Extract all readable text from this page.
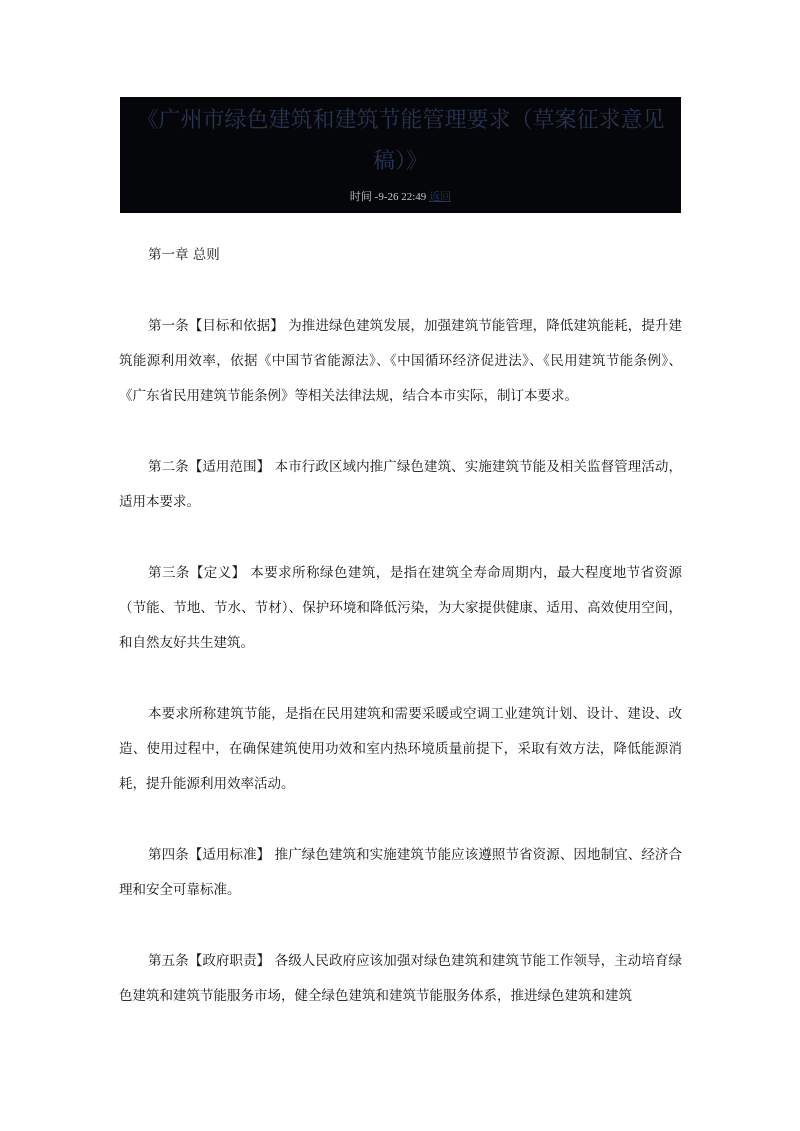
《广州市绿色建筑和建筑节能管理要求（草案征求意见稿）》
时间 -9-26 22:49 返回

第一章 总则

第一条【目标和依据】 为推进绿色建筑发展，加强建筑节能管理，降低建筑能耗，提升建筑能源利用效率，依据《中国节省能源法》、《中国循环经济促进法》、《民用建筑节能条例》、《广东省民用建筑节能条例》等相关法律法规，结合本市实际，制订本要求。

第二条【适用范围】 本市行政区域内推广绿色建筑、实施建筑节能及相关监督管理活动，适用本要求。

第三条【定义】 本要求所称绿色建筑，是指在建筑全寿命周期内，最大程度地节省资源（节能、节地、节水、节材）、保护环境和降低污染，为大家提供健康、适用、高效使用空间，和自然友好共生建筑。

本要求所称建筑节能，是指在民用建筑和需要采暖或空调工业建筑计划、设计、建设、改造、使用过程中，在确保建筑使用功效和室内热环境质量前提下，采取有效方法，降低能源消耗，提升能源利用效率活动。

第四条【适用标准】 推广绿色建筑和实施建筑节能应该遵照节省资源、因地制宜、经济合理和安全可靠标准。

第五条【政府职责】 各级人民政府应该加强对绿色建筑和建筑节能工作领导，主动培育绿色建筑和建筑节能服务市场，健全绿色建筑和建筑节能服务体系，推进绿色建筑和建筑
